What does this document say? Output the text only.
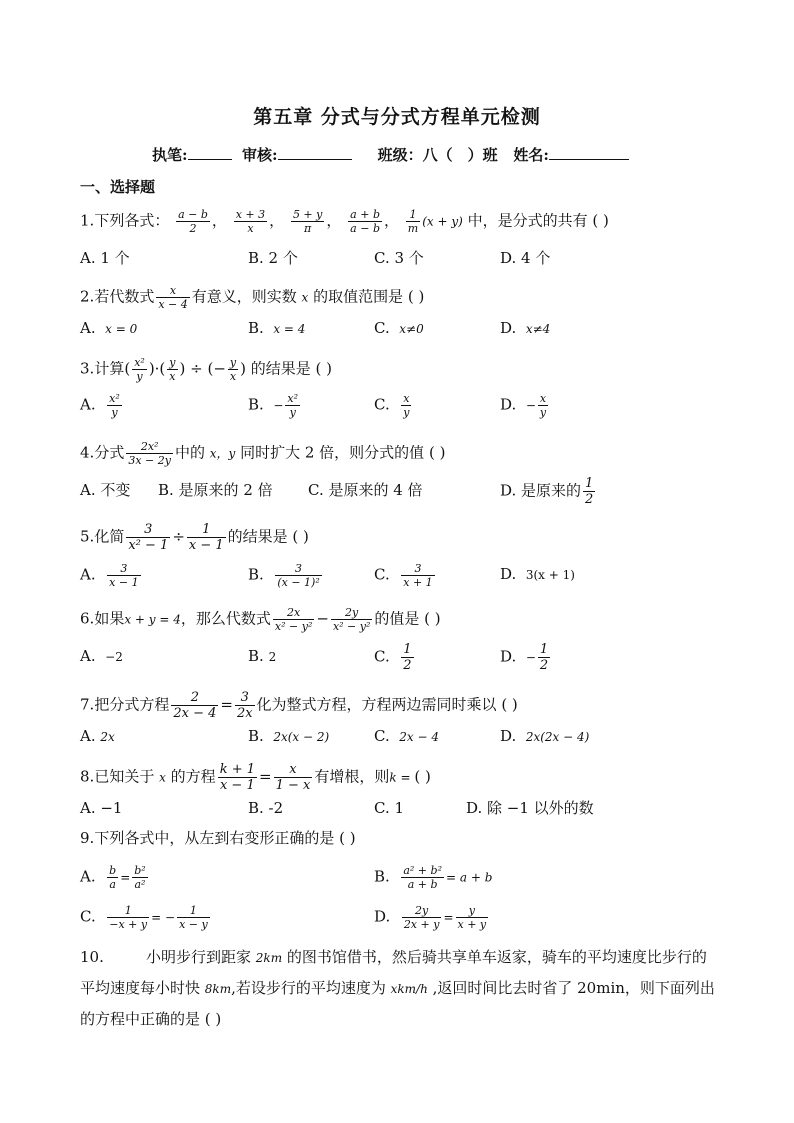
第五章 分式与分式方程单元检测
执笔:	审核:	班级：八（　）班 姓名:
一、选择题
1.下列各式： $\frac{a - b}{2}$ ， $\frac{x + 3}{x}$ ， $\frac{5 + y}{\pi}$ ， $\frac{a + b}{a - b}$ ， $\frac{1}{m} (x + y)$ 中，是分式的共有 ( )
A. 1 个	B. 2 个	C. 3 个	D. 4 个
2.若代数式 $\frac{x}{x - 4}$ 有意义，则实数 x 的取值范围是 ( )
A. x = 0	B. x = 4	C. x≠0	D. x≠4
3.计算( $\frac{\text{x²}}{y}$ )·( $\frac{y}{x}$ ) ÷ (− $\frac{y}{x}$ ) 的结果是 ( )
A. $\frac{\text{x²}}{y}$	B. − $\frac{\text{x²}}{y}$	C. $\frac{x}{y}$	D. − $\frac{x}{y}$
4.分式 $\frac{\text{2x²}}{3x - 2y}$ 中的 x，y 同时扩大 2 倍，则分式的值 ( )
A. 不变 B. 是原来的 2 倍 C. 是原来的 4 倍	D. 是原来的 $\frac{1}{2}$
5.化简 $\frac{3}{\text{x² − 1}} \div \frac{1}{x - 1}$ 的结果是 ( )
A. $\frac{3}{x - 1}$	B. $\frac{3}{\text{(x − 1)²}}$	C. $\frac{3}{x + 1}$	D. 3(x + 1)
6.如果x + y = 4，那么代数式 $\frac{2x}{\text{x² − y²}} - \frac{2y}{\text{x² − y²}}$ 的值是 ( )
A. −2	B. 2	C. $\frac{1}{2}$	D. − $\frac{1}{2}$
7.把分式方程 $\frac{2}{2x - 4} = \frac{3}{2x}$ 化为整式方程，方程两边需同时乘以 ( )
A. 2x	B. 2x(x − 2)	C. 2x − 4	D. 2x(2x − 4)
8.已知关于 x 的方程 $\frac{k + 1}{x - 1} = \frac{x}{1 - x}$ 有增根，则k = ( )
A. −1	B. -2	C. 1	D. 除 −1 以外的数
9.下列各式中，从左到右变形正确的是 ( )
A. $\frac{b}{a} = \frac{\text{b²}}{\text{a²}}$	B. $\frac{\text{a² + b²}}{a + b} = a + b$
C. $\frac{1}{-x + y}$ = − $\frac{1}{x - y}$	D. $\frac{2y}{2x + y} = \frac{y}{x + y}$
10.	小明步行到距家 2km 的图书馆借书，然后骑共享单车返家，骑车的平均速度比步行的平均速度每小时快 8km,若设步行的平均速度为 xkm/h ,返回时间比去时省了 20min，则下面列出的方程中正确的是 ( )
